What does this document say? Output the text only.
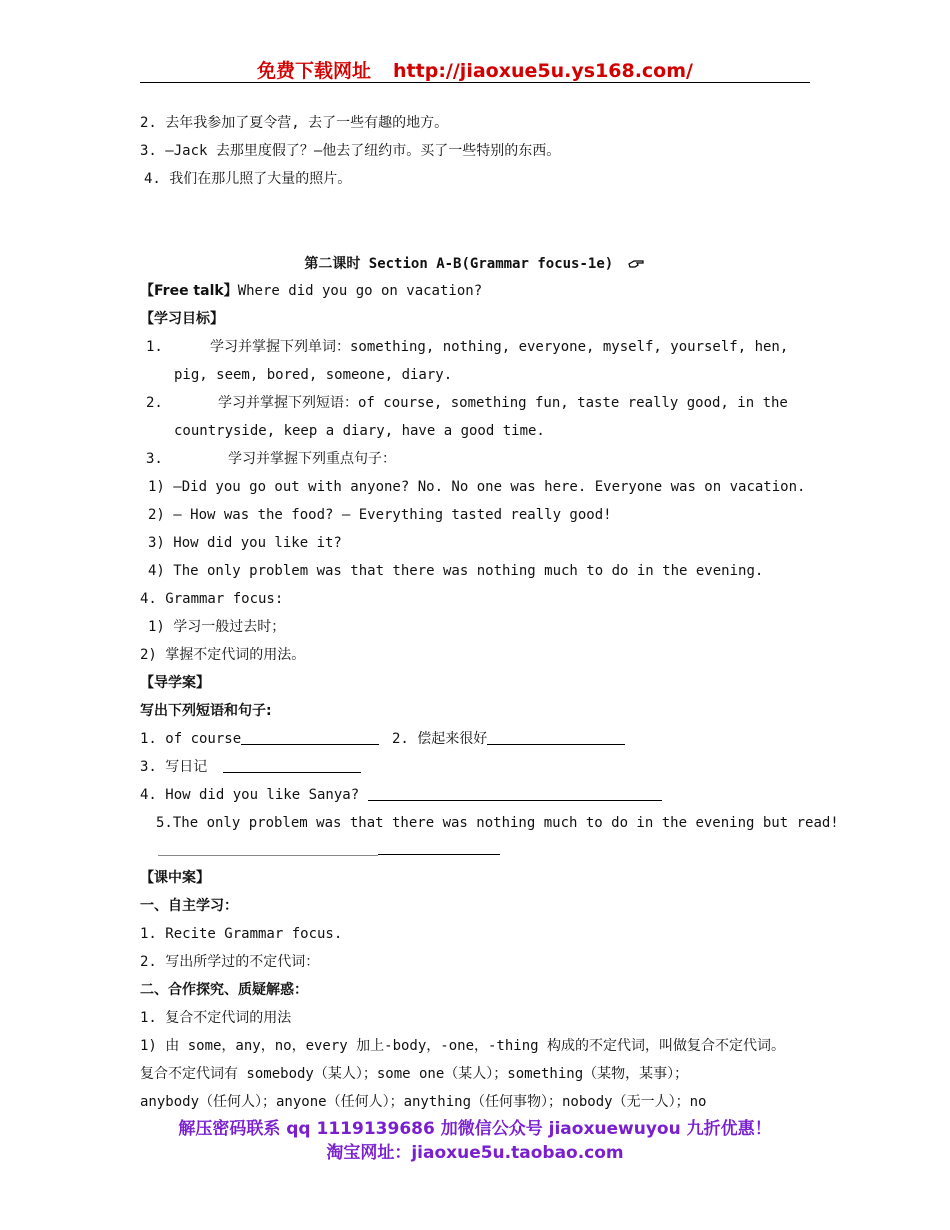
免费下载网址 http://jiaoxue5u.ys168.com/
2. 去年我参加了夏令营, 去了一些有趣的地方。
3. —Jack 去那里度假了？—他去了纽约市。买了一些特别的东西。
4. 我们在那儿照了大量的照片。
第二课时 Section A-B(Grammar focus-1e)
【Free talk】Where did you go on vacation?
【学习目标】
1.	学习并掌握下列单词：something, nothing, everyone, myself, yourself, hen,
pig, seem, bored, someone, diary.
2.	学习并掌握下列短语：of course, something fun, taste really good, in the
countryside, keep a diary, have a good time.
3.	学习并掌握下列重点句子：
1) —Did you go out with anyone? No. No one was here. Everyone was on vacation.
2) — How was the food? — Everything tasted really good!
3) How did you like it?
4) The only problem was that there was nothing much to do in the evening.
4. Grammar focus:
1) 学习一般过去时；
2) 掌握不定代词的用法。
【导学案】
写出下列短语和句子:
1. of course	2. 偿起来很好
3. 写日记
4. How did you like Sanya?
5.The only problem was that there was nothing much to do in the evening but read!
【课中案】
一、自主学习：
1. Recite Grammar focus.
2. 写出所学过的不定代词：
二、合作探究、质疑解惑：
1. 复合不定代词的用法
1) 由 some，any，no，every 加上-body，-one，-thing 构成的不定代词，叫做复合不定代词。
复合不定代词有 somebody（某人）；some one（某人）；something（某物，某事）；
anybody（任何人）；anyone（任何人）；anything（任何事物）；nobody（无一人）；no
解压密码联系 qq 1119139686 加微信公众号 jiaoxuewuyou 九折优惠！
淘宝网址：jiaoxue5u.taobao.com
